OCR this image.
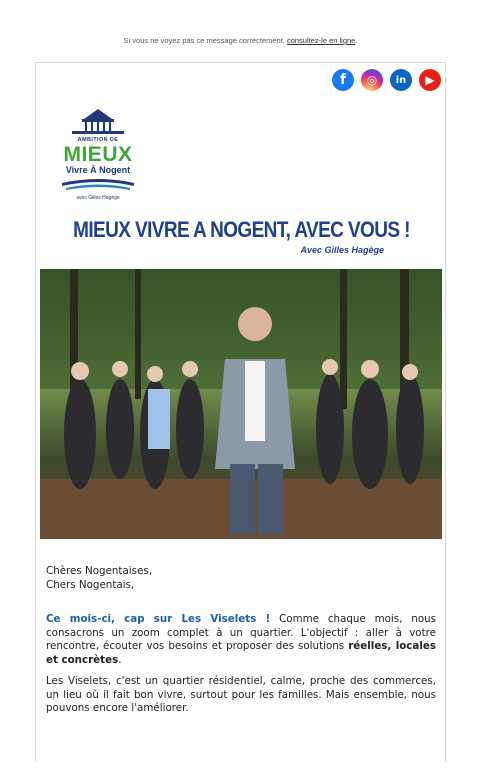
Si vous ne voyez pas ce message correctement, consultez-le en ligne.
f	◎	in	▶
AMBITION DE
MIEUX
Vivre À Nogent
avec Gilles Hagège
MIEUX VIVRE A NOGENT, AVEC VOUS !
Avec Gilles Hagège
Chères Nogentaises,
Chers Nogentais,
Ce mois-ci, cap sur Les Viselets ! Comme chaque mois, nous consacrons un zoom complet à un quartier. L'objectif : aller à votre rencontre, écouter vos besoins et proposer des solutions réelles, locales et concrètes.
Les Viselets, c'est un quartier résidentiel, calme, proche des commerces, un lieu où il fait bon vivre, surtout pour les familles. Mais ensemble, nous pouvons encore l'améliorer.
